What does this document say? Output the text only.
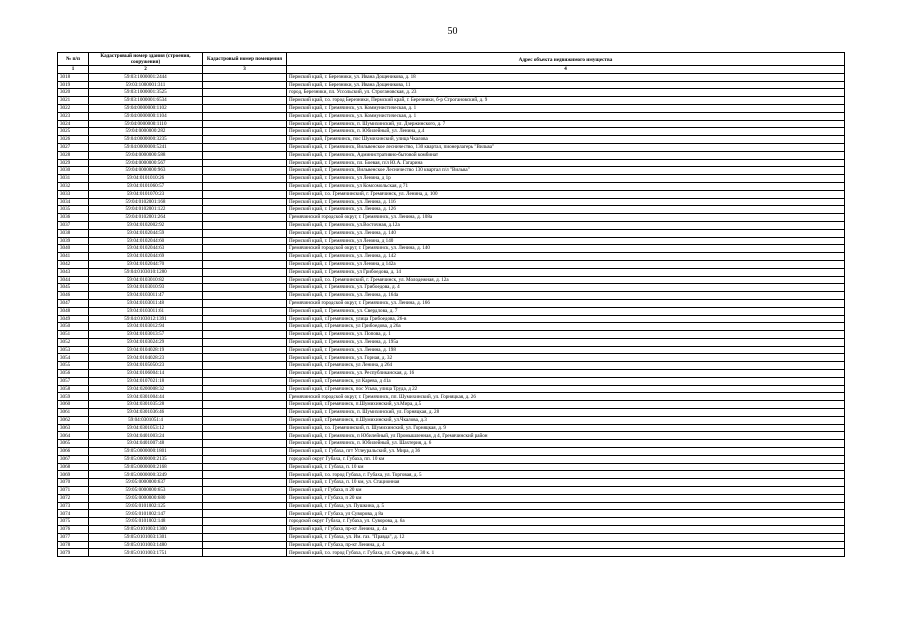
50
№ п/п	Кадастровый номер здания (строения, сооружения)	Кадастровый номер помещения	Адрес объекта недвижимого имущества
1	2	3	4
3018	59:03:1000001:2444		Пермский край, г. Березники, ул. Ивана Дощеникова, д. 18
3019	59:03:1000001:311		Пермский край, г. Березники, ул. Ивана Дощеникова, 11
3020	59:03:1000001:3525		город, Березники, пл. Уссольский, ул. Строгановская, д. 23
3021	59:03:1000001:6534		Пермский край, г.о. город Березники, Пермский край, г. Березники, б-р Строгановский, д. 9
3022	59:04:0000000:1102		Пермский край, г. Гремячинск, ул. Коммунистическая, д. 1
3023	59:04:0000000:1104		Пермский край, г. Гремячинск, ул. Коммунистическая, д. 1
3024	59:04:0000000:1110		Пермский край, г. Гремячинск, п. Шумихинский, ул. Дзержинского, д. 7
3025	59:04:0000000:282		Пермский край, г. Гремячинск, п. Юбилейный, ул. Ленина, д.4
3026	59:04:0000000:3235		Пермский край, Гремячинск, пос Шумихинский, улица Чкалова
3027	59:04:0000000:5241		Пермский край, г. Гремячинск, Вильвенское лесничество, 130 квартал, пионерлагерь "Вильва"
3028	59:04:0000000:588		Пермский край, г. Гремячинск, Административно-бытовой комбинат
3029	59:04:0000000:567		Пермский край, г. Гремячинск, пл. Боевая, п/л Ю.А. Гагарина
3030	59:04:0000000:963		Пермский край, г. Гремячинск, Вильвенское Лесничество 130 квартал п/л "Вильва"
3031	59:04:0101010:26		Пермский край, г. Гремячинск, ул Ленина, д 1р
3032	59:04:0101060:57		Пермский край, г. Гремячинск, ул Комсомольская, д 71
3033	59:04:0101070:23		Пермский край, г.о. Гремячинский, г. Гремячинск, ул. Ленина, д. 100
3034	59:04:0102001:168		Пермский край, г. Гремячинск, ул. Ленина, д. 116
3035	59:04:0102001:122		Пермский край, г. Гремячинск, ул. Ленина, д. 126
3036	59:04:0102001:264		Гремячинский городской округ, г. Гремячинск, ул. Ленина, д. 108а
3037	59:04:0102002:92		Пермский край, г. Гремячинск, ул.Восточная, д.12а
3038	59:04:0102044:59		Пермский край, г. Гремячинск, ул. Ленина, д. 140
3039	59:04:0102044:60		Пермский край, г. Гремячинск, ул Ленина, д 140
3040	59:04:0102044:63		Гремячинский городской округ, г. Гремячинск, ул. Ленина, д. 140
3041	59:04:0102044:69		Пермский край, г. Гремячинск, ул. Ленина, д. 142
3042	59:04:0102044:70		Пермский край, г. Гремячинск, ул Ленина, д 142а
3043	59:04:0103010:1280		Пермский край, г. Гремячинск, ул Грибоедова, д. 14
3044	59:04:0103010:82		Пермский край, г.о. Гремячинский, г. Гремячинск, ул. Молодежная, д. 12а
3045	59:04:0103010:93		Пермский край, г. Гремячинск, ул. Грибоедова, д. 4
3046	59:04:0103011:47		Пермский край, г. Гремячинск, ул. Ленина, д. 164а
3047	59:04:0103011:48		Гремячинский городской округ, г. Гремячинск, ул. Ленина, д. 166
3048	59:04:0103011:61		Пермский край, г. Гремячинск, ул. Свердлова, д. 7
3049	59:04:0103012:1391		Пермский край, г.Гремячинск, улица Грибоедова, 26-в
3050	59:04:0103012:94		Пермский край, г.Гремячинск, ул Грибоедова, д 26а
3051	59:04:0103013:57		Пермский край, г. Гремячинск, ул. Попова, д. 1
3052	59:04:0103024:29		Пермский край, г. Гремячинск, ул. Ленина, д. 195а
3053	59:04:0104028:19		Пермский край, г. Гремячинск, ул. Ленина, д. 198
3054	59:04:0104028:23		Пермский край, г. Гремячинск, ул. Горная, д. 32
3055	59:04:0105050:23		Пермский край, г.Гремячинск, ул Ленина, д 264
3056	59:04:0106004:14		Пермский край, г. Гремячинск, ул. Республиканская, д. 16
3057	59:04:0107021:18		Пермский край, г.Гремячинск, ул Карева, д 41а
3058	59:04:0200008:32		Пермский край, г.Гремячинск, пос Усьва, улица Труда, д 22
3059	59:04:0301004:44		Гремячинский городской округ, г. Гремячинск, пп. Шумихинский, ул. Горняцкая, д. 26
3060	59:04:0301035:28		Пермский край, г.Гремячинск, п.Шумихинский, ул.Мира, д.5
3061	59:04:0301036:46		Пермский край, г. Гремячинск, п. Шумихинский, ул. Горняцкая, д. 28
3062	59:04:0301051:4		Пермский край, г.Гремячинск, п.Шумихинский, ул.Чкалова, д.3
3063	59:04:0301053:12		Пермский край, г.о. Гремячинский, п. Шумихинский, ул. Горняцкая, д. 9
3064	59:04:0401003:24		Пермский край, г. Гремячинск, п Юбилейный, ул Промышленная, д 4, Гремячинский район
3065	59:04:0401007:48		Пермский край, г. Гремячинск, п. Юбилейный, ул. Шахтерия, д. 6
3066	59:05:0000000:1801		Пермский край, г. Губаха, пгт Углеуральский, ул. Мира, д 36
3067	59:05:0000000:2135		городской округ Губаха, г. Губаха, пп. 10 км
3068	59:05:0000000:2168		Пермский край, г. Губаха, п. 10 км
3069	59:05:0000000:3249		Пермский край, г.о. город Губаха, г. Губаха, ул. Торговая, д. 5
3070	59:05:0000000:637		Пермский край, г. Губаха, п. 10 км, ул. Стационная
3071	59:05:0000000:653		Пермский край, г Губаха, п 20 км
3072	59:05:0000000:680		Пермский край, г Губаха, п 20 км
3073	59:05:0101002:125		Пермский край, г. Губаха, ул. Пушкина, д. 5
3074	59:05:0101002:147		Пермский край, г Губаха, ул Суворова, д 8а
3075	59:05:0101002:148		городской округ Губаха, г. Губаха, ул. Суворова, д. 6а
3076	59:05:0101003:1300		Пермский край, г Губаха, пр-кт Ленина, д. 4а
3077	59:05:0101003:1301		Пермский край, г. Губаха, ул. Им. газ. "Правда", д. 12
3078	59:05:0101003:1480		Пермский край, г Губаха, пр-кт Ленина, д. 4
3079	59:05:0101003:1751		Пермский край, г.о. город Губаха, г. Губаха, ул. Суворова, д. 30 к. 1
